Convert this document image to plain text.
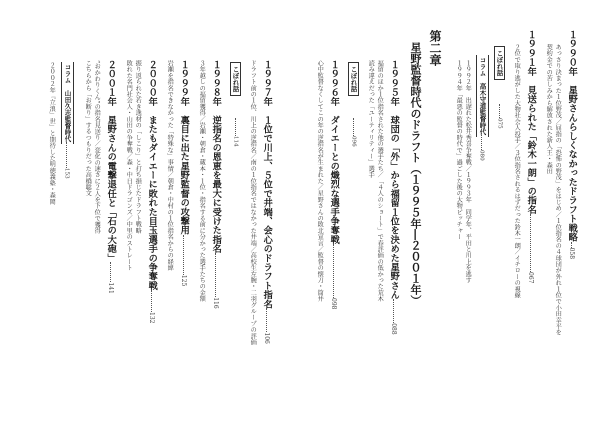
１９９０年　星野さんらしくなかったドラフト戦略058
あっさり決まった１位野茂／屈指の「恐怖の野茂」をはじめ／１位指名の４球団が外れ１位で小田幸平を
契約金での苦しみから解放された新人王・森田
１９９１年　見送られた「鈴木一朗」の指名067
２位で取り逃がした大物社会人投手／３位指名されるはずだった鈴木一朗／イチローの視線
こぼれ話
075
コラム　高木守道監督時代
080
１９９２年　出遅れた松井秀喜争奪戦／１９９３年　同学年、平田と川上を逃す
１９９４年「最悪の監督の時代で」過ごした後の大物ピッチャー
第二章
星野監督時代のドラフト（１９９５年―２００１年）
１９９５年　球団の「外」から福留１位を決めた星野さん088
福留のほか１位指名された他の選手たち／「４人のショート」で春評価の低かった荒木
読み違えだった「ユーティリティー」選手
こぼれ話
096
１９９６年　ダイエーとの熾烈な選手争奪戦098
心中監督なくしてこの年の逆指名が生まれた／星野さんの敗北宣言／監督の懐刀・筒井
１９９７年　１位で川上、５位で井端、会心のドラフト指名106
ドラフト前の１位、川上の逆指名／南の１位指名ではなかった井端／高校生左腕・二羽グループの評価
こぼれ話
114
１９９８年　逆指名の恩恵を最大に受けた指名116
３年越しの福留獲得／岩瀬・朝倉・蔵本・１位・指名する前に分かった選手たちの金額
１９９９年　裏目に出た星野監督の攻撃用125
岩瀬を指名できなかった「特殊な」事情／朝倉・中村の１位指名からの経緯
２０００年　またもダイエーに敗れた目玉選手の争奪戦132
振り返られた若き逸材の「しこり」と打ち損じたドラフト戦略
敗れた名門社会人・山田の争奪戦／森・中日ドラゴンズ／中里のストレート
２００１年　星野さんの電撃退任と「石の大砲」141
“おかわりくん”の指名見送り／変化の速さに２人を下位で獲得
こちらから「お断り」するつもりだった高橋聡文
コラム　山田久志監督時代
153
２００２年『立浪」世」と期待した明徳義塾・森岡
